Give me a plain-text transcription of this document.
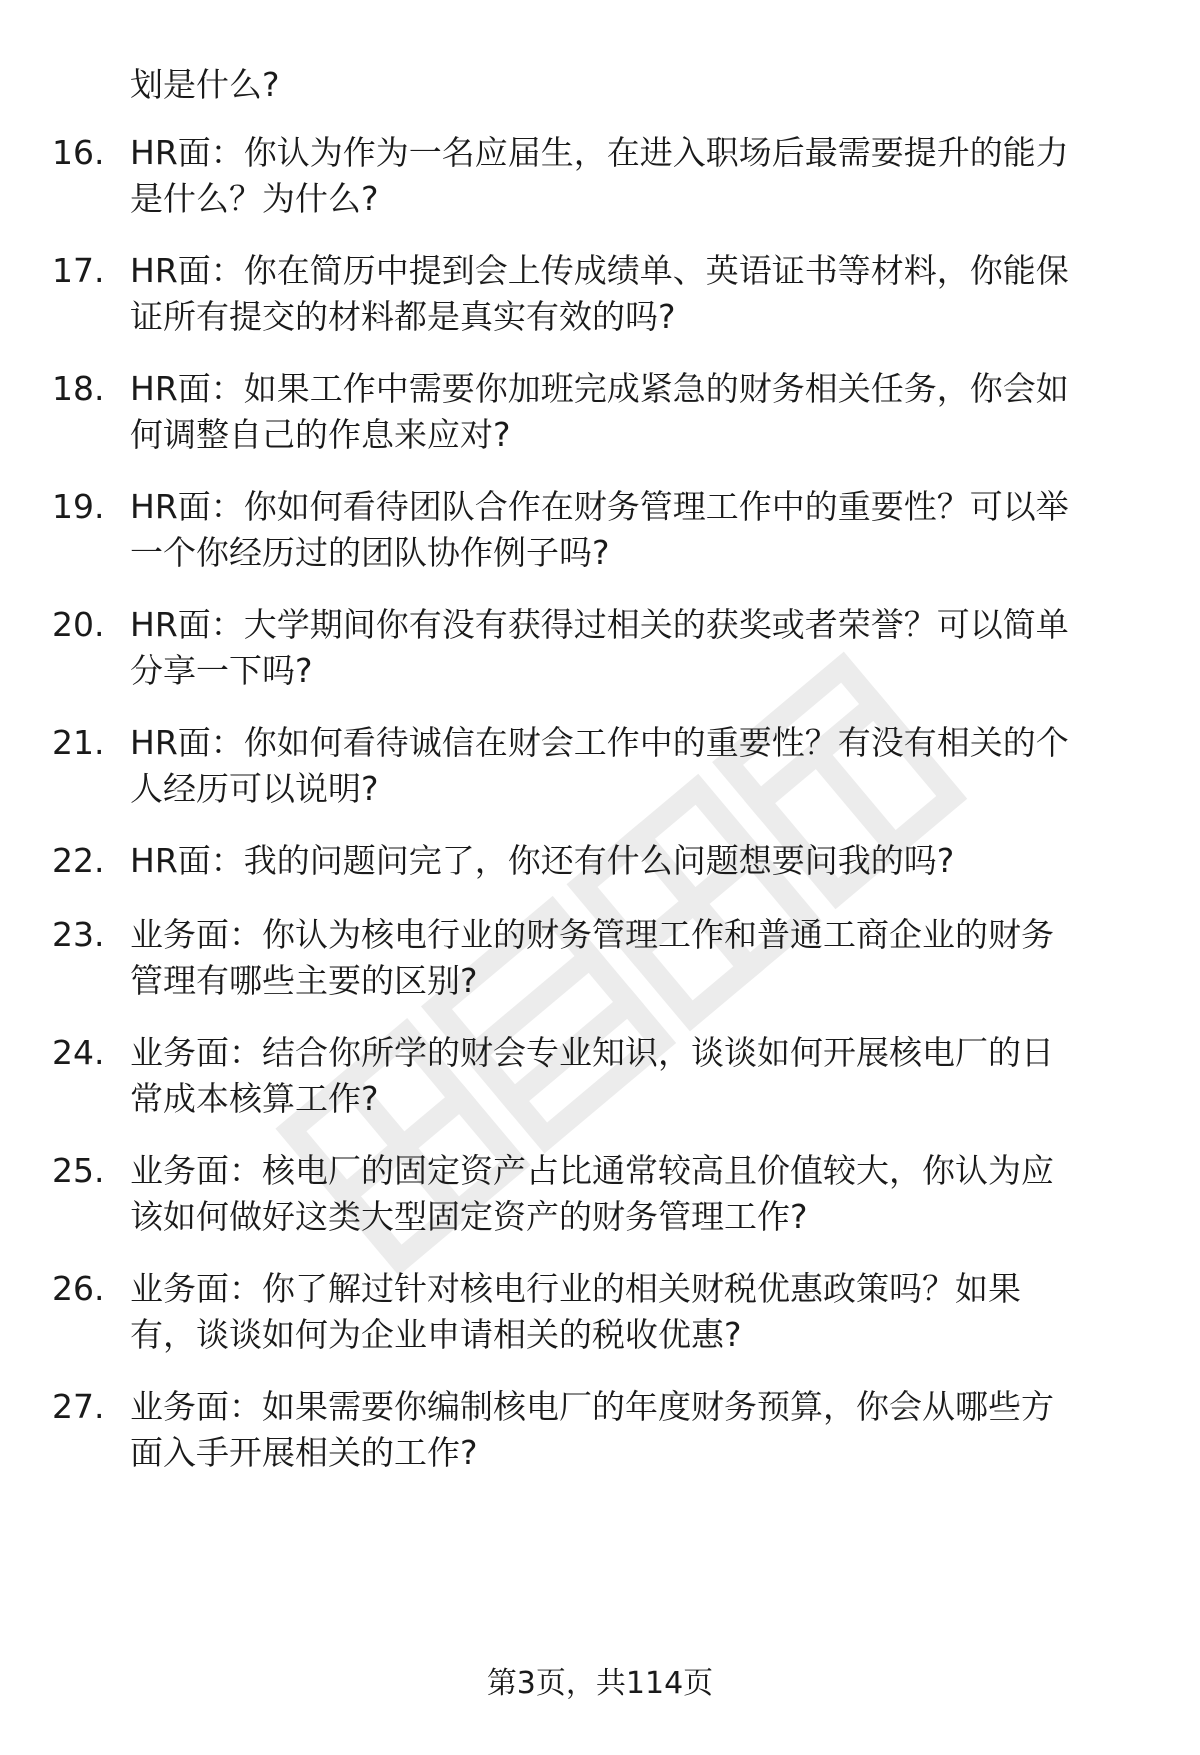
划是什么?
16. HR面：你认为作为一名应届生，在进入职场后最需要提升的能力
是什么？为什么?
17. HR面：你在简历中提到会上传成绩单、英语证书等材料，你能保
证所有提交的材料都是真实有效的吗?
18. HR面：如果工作中需要你加班完成紧急的财务相关任务，你会如
何调整自己的作息来应对?
19. HR面：你如何看待团队合作在财务管理工作中的重要性？可以举
一个你经历过的团队协作例子吗?
20. HR面：大学期间你有没有获得过相关的获奖或者荣誉？可以简单
分享一下吗?
21. HR面：你如何看待诚信在财会工作中的重要性？有没有相关的个
人经历可以说明?
22. HR面：我的问题问完了，你还有什么问题想要问我的吗?
23. 业务面：你认为核电行业的财务管理工作和普通工商企业的财务
管理有哪些主要的区别?
24. 业务面：结合你所学的财会专业知识，谈谈如何开展核电厂的日
常成本核算工作?
25. 业务面：核电厂的固定资产占比通常较高且价值较大，你认为应
该如何做好这类大型固定资产的财务管理工作?
26. 业务面：你了解过针对核电行业的相关财税优惠政策吗？如果
有，谈谈如何为企业申请相关的税收优惠?
27. 业务面：如果需要你编制核电厂的年度财务预算，你会从哪些方
面入手开展相关的工作?
第3页，共114页
